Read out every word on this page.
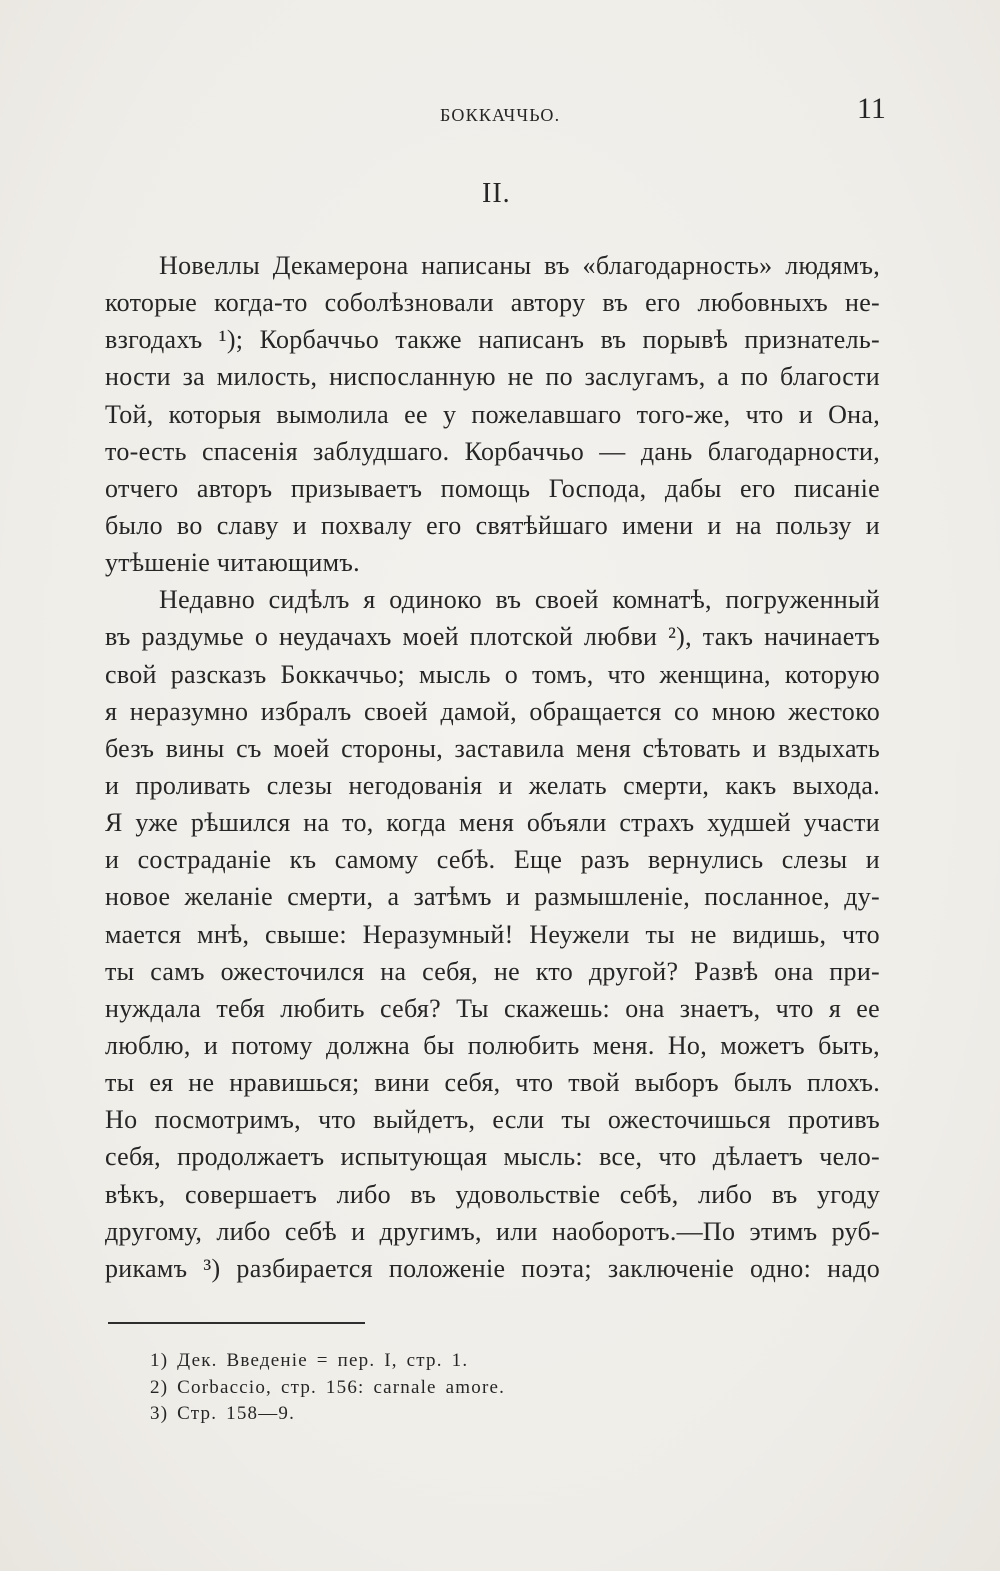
БОККАЧЧЬО.	11
II.
Новеллы Декамерона написаны въ «благодарность» людямъ,
которые когда-то соболѣзновали автору въ его любовныхъ не-
взгодахъ ¹); Корбаччьо также написанъ въ порывѣ признатель-
ности за милость, ниспосланную не по заслугамъ, а по благости
Той, которыя вымолила ее у пожелавшаго того-же, что и Она,
то-есть спасенія заблудшаго. Корбаччьо — дань благодарности,
отчего авторъ призываетъ помощь Господа, дабы его писаніе
было во славу и похвалу его святѣйшаго имени и на пользу и
утѣшеніе читающимъ.
Недавно сидѣлъ я одиноко въ своей комнатѣ, погруженный
въ раздумье о неудачахъ моей плотской любви ²), такъ начинаетъ
свой разсказъ Боккаччьо; мысль о томъ, что женщина, которую
я неразумно избралъ своей дамой, обращается со мною жестоко
безъ вины съ моей стороны, заставила меня сѣтовать и вздыхать
и проливать слезы негодованія и желать смерти, какъ выхода.
Я уже рѣшился на то, когда меня объяли страхъ худшей участи
и состраданіе къ самому себѣ. Еще разъ вернулись слезы и
новое желаніе смерти, а затѣмъ и размышленіе, посланное, ду-
мается мнѣ, свыше: Неразумный! Неужели ты не видишь, что
ты самъ ожесточился на себя, не кто другой? Развѣ она при-
нуждала тебя любить себя? Ты скажешь: она знаетъ, что я ее
люблю, и потому должна бы полюбить меня. Но, можетъ быть,
ты ея не нравишься; вини себя, что твой выборъ былъ плохъ.
Но посмотримъ, что выйдетъ, если ты ожесточишься противъ
себя, продолжаетъ испытующая мысль: все, что дѣлаетъ чело-
вѣкъ, совершаетъ либо въ удовольствіе себѣ, либо въ угоду
другому, либо себѣ и другимъ, или наоборотъ.—По этимъ руб-
рикамъ ³) разбирается положеніе поэта; заключеніе одно: надо
1) Дек. Введеніе = пер. I, стр. 1.
2) Corbaccio, стр. 156: carnale amore.
3) Стр. 158—9.
